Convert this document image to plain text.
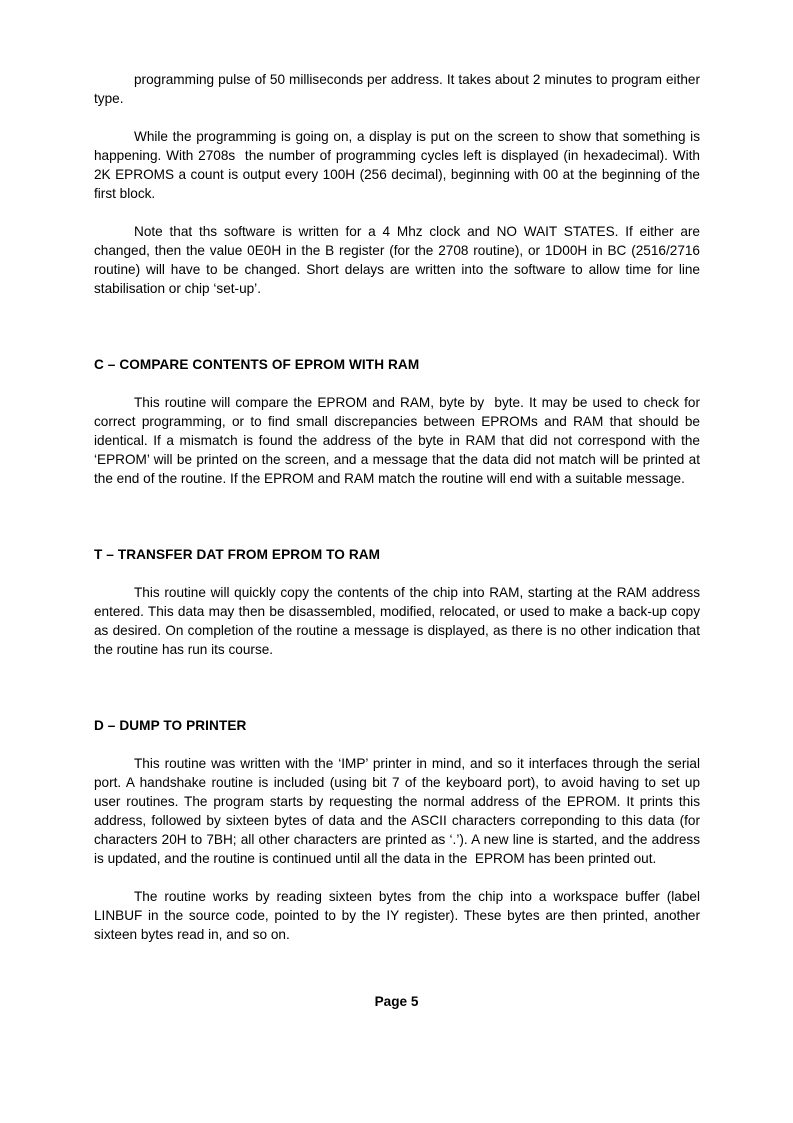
programming pulse of 50 milliseconds per address. It takes about 2 minutes to program either type.

While the programming is going on, a display is put on the screen to show that something is happening. With 2708s  the number of programming cycles left is displayed (in hexadecimal). With 2K EPROMS a count is output every 100H (256 decimal), beginning with 00 at the beginning of the first block.

Note that ths software is written for a 4 Mhz clock and NO WAIT STATES. If either are changed, then the value 0E0H in the B register (for the 2708 routine), or 1D00H in BC (2516/2716 routine) will have to be changed. Short delays are written into the software to allow time for line stabilisation or chip ‘set-up’.

C – COMPARE CONTENTS OF EPROM WITH RAM

This routine will compare the EPROM and RAM, byte by  byte. It may be used to check for correct programming, or to find small discrepancies between EPROMs and RAM that should be identical. If a mismatch is found the address of the byte in RAM that did not correspond with the ‘EPROM’ will be printed on the screen, and a message that the data did not match will be printed at the end of the routine. If the EPROM and RAM match the routine will end with a suitable message.

T – TRANSFER DAT FROM EPROM TO RAM

This routine will quickly copy the contents of the chip into RAM, starting at the RAM address entered. This data may then be disassembled, modified, relocated, or used to make a back-up copy as desired. On completion of the routine a message is displayed, as there is no other indication that the routine has run its course.

D – DUMP TO PRINTER

This routine was written with the ‘IMP’ printer in mind, and so it interfaces through the serial port. A handshake routine is included (using bit 7 of the keyboard port), to avoid having to set up user routines. The program starts by requesting the normal address of the EPROM. It prints this address, followed by sixteen bytes of data and the ASCII characters correponding to this data (for characters 20H to 7BH; all other characters are printed as ‘.’). A new line is started, and the address is updated, and the routine is continued until all the data in the  EPROM has been printed out.

The routine works by reading sixteen bytes from the chip into a workspace buffer (label LINBUF in the source code, pointed to by the IY register). These bytes are then printed, another sixteen bytes read in, and so on.

Page 5
